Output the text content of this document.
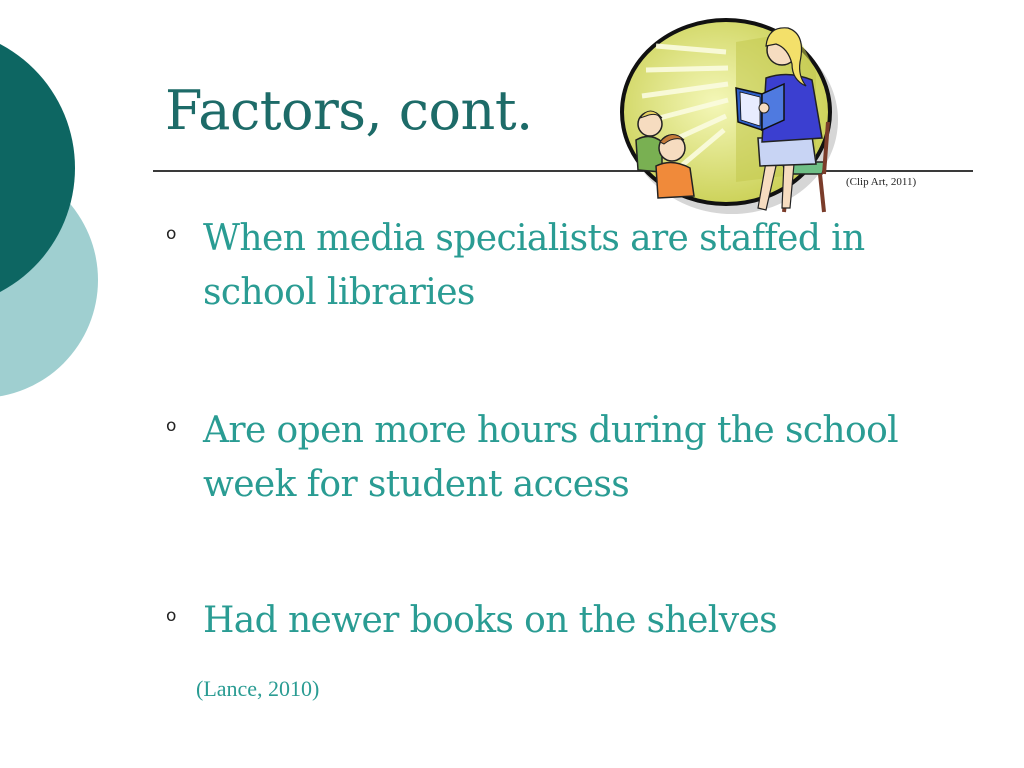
Factors, cont.
(Clip Art, 2011)
o When media specialists are staffed in school libraries
o Are open more hours during the school week for student access
o Had newer books on the shelves
(Lance, 2010)
